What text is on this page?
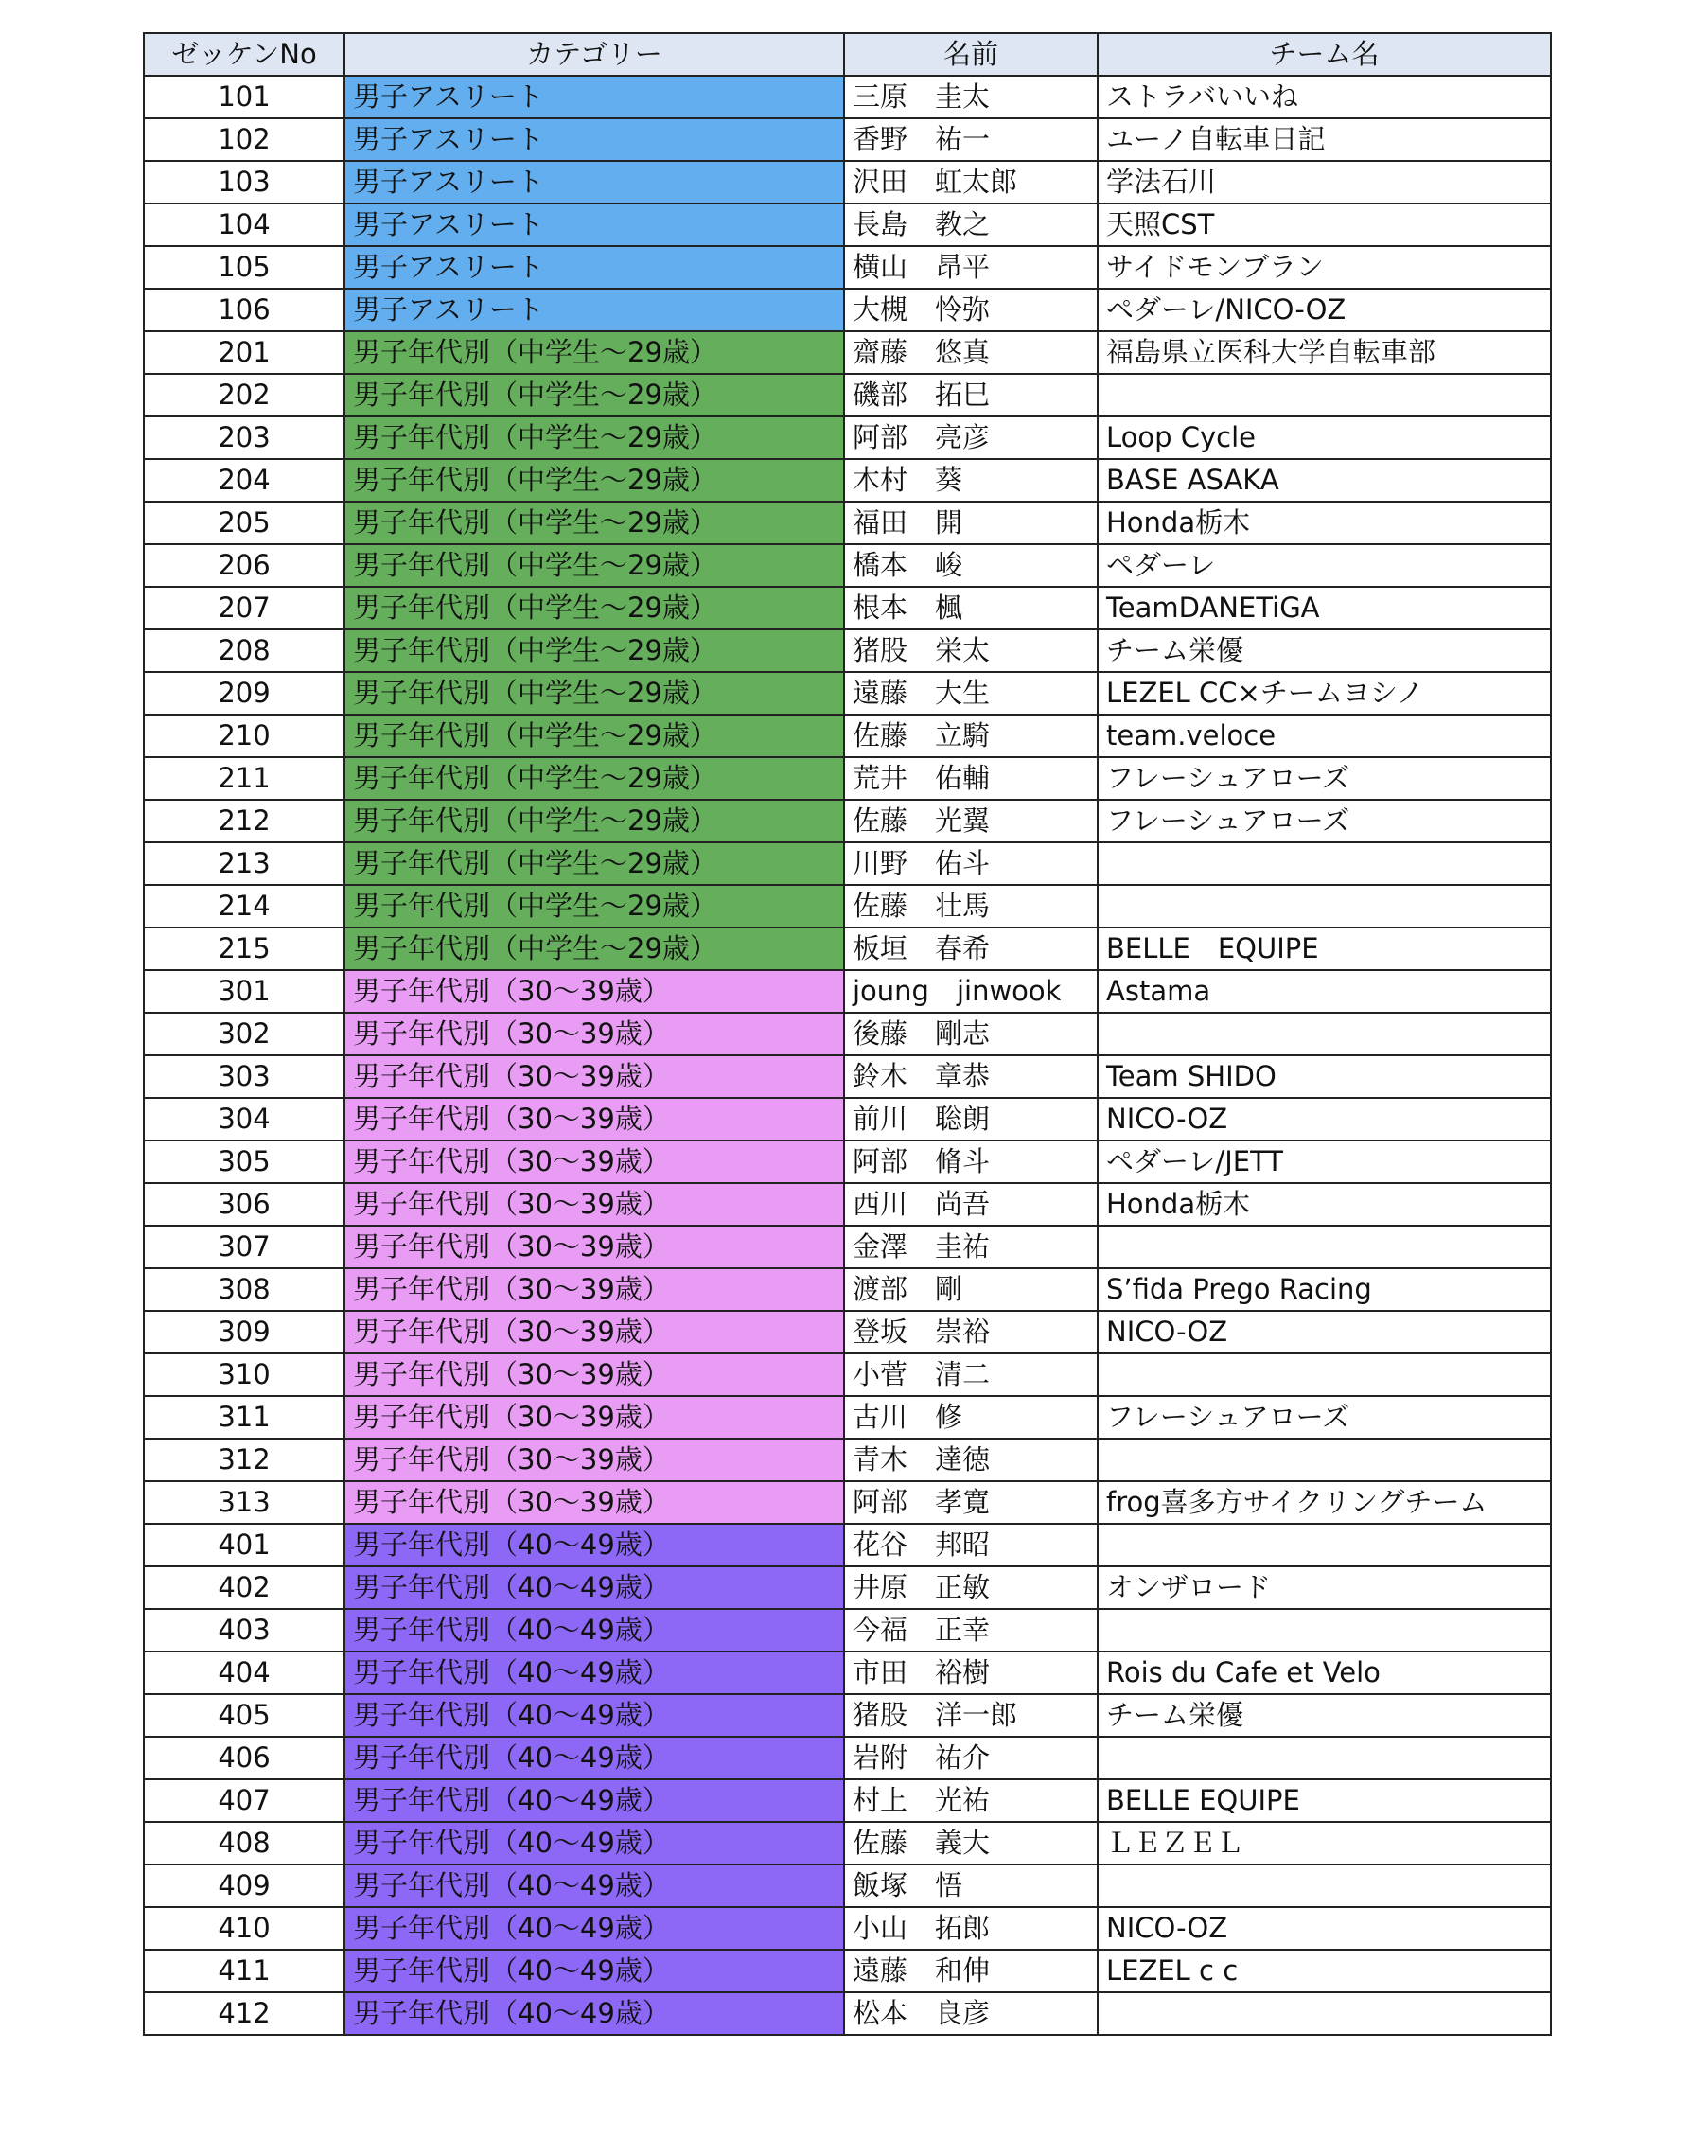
ゼッケンNo	カテゴリー	名前	チーム名
101	男子アスリート	三原　圭太	ストラバいいね
102	男子アスリート	香野　祐一	ユーノ自転車日記
103	男子アスリート	沢田　虹太郎	学法石川
104	男子アスリート	長島　教之	天照CST
105	男子アスリート	横山　昂平	サイドモンブラン
106	男子アスリート	大槻　怜弥	ペダーレ/NICO-OZ
201	男子年代別（中学生〜29歳）	齋藤　悠真	福島県立医科大学自転車部
202	男子年代別（中学生〜29歳）	磯部　拓巳	
203	男子年代別（中学生〜29歳）	阿部　亮彦	Loop Cycle
204	男子年代別（中学生〜29歳）	木村　葵	BASE ASAKA
205	男子年代別（中学生〜29歳）	福田　開	Honda栃木
206	男子年代別（中学生〜29歳）	橋本　峻	ペダーレ
207	男子年代別（中学生〜29歳）	根本　楓	TeamDANETiGA
208	男子年代別（中学生〜29歳）	猪股　栄太	チーム栄優
209	男子年代別（中学生〜29歳）	遠藤　大生	LEZEL CC×チームヨシノ
210	男子年代別（中学生〜29歳）	佐藤　立騎	team.veloce
211	男子年代別（中学生〜29歳）	荒井　佑輔	フレーシュアローズ
212	男子年代別（中学生〜29歳）	佐藤　光翼	フレーシュアローズ
213	男子年代別（中学生〜29歳）	川野　佑斗	
214	男子年代別（中学生〜29歳）	佐藤　壮馬	
215	男子年代別（中学生〜29歳）	板垣　春希	BELLE　EQUIPE
301	男子年代別（30〜39歳）	joung　jinwook	Astama
302	男子年代別（30〜39歳）	後藤　剛志	
303	男子年代別（30〜39歳）	鈴木　章恭	Team SHIDO
304	男子年代別（30〜39歳）	前川　聡朗	NICO-OZ
305	男子年代別（30〜39歳）	阿部　脩斗	ペダーレ/JETT
306	男子年代別（30〜39歳）	西川　尚吾	Honda栃木
307	男子年代別（30〜39歳）	金澤　圭祐	
308	男子年代別（30〜39歳）	渡部　剛	S’fida Prego Racing
309	男子年代別（30〜39歳）	登坂　崇裕	NICO-OZ
310	男子年代別（30〜39歳）	小菅　清二	
311	男子年代別（30〜39歳）	古川　修	フレーシュアローズ
312	男子年代別（30〜39歳）	青木　達徳	
313	男子年代別（30〜39歳）	阿部　孝寛	frog喜多方サイクリングチーム
401	男子年代別（40〜49歳）	花谷　邦昭	
402	男子年代別（40〜49歳）	井原　正敏	オンザロード
403	男子年代別（40〜49歳）	今福　正幸	
404	男子年代別（40〜49歳）	市田　裕樹	Rois du Cafe et Velo
405	男子年代別（40〜49歳）	猪股　洋一郎	チーム栄優
406	男子年代別（40〜49歳）	岩附　祐介	
407	男子年代別（40〜49歳）	村上　光祐	BELLE EQUIPE
408	男子年代別（40〜49歳）	佐藤　義大	ＬＥＺＥＬ
409	男子年代別（40〜49歳）	飯塚　悟	
410	男子年代別（40〜49歳）	小山　拓郎	NICO-OZ
411	男子年代別（40〜49歳）	遠藤　和伸	LEZEL c c
412	男子年代別（40〜49歳）	松本　良彦	
